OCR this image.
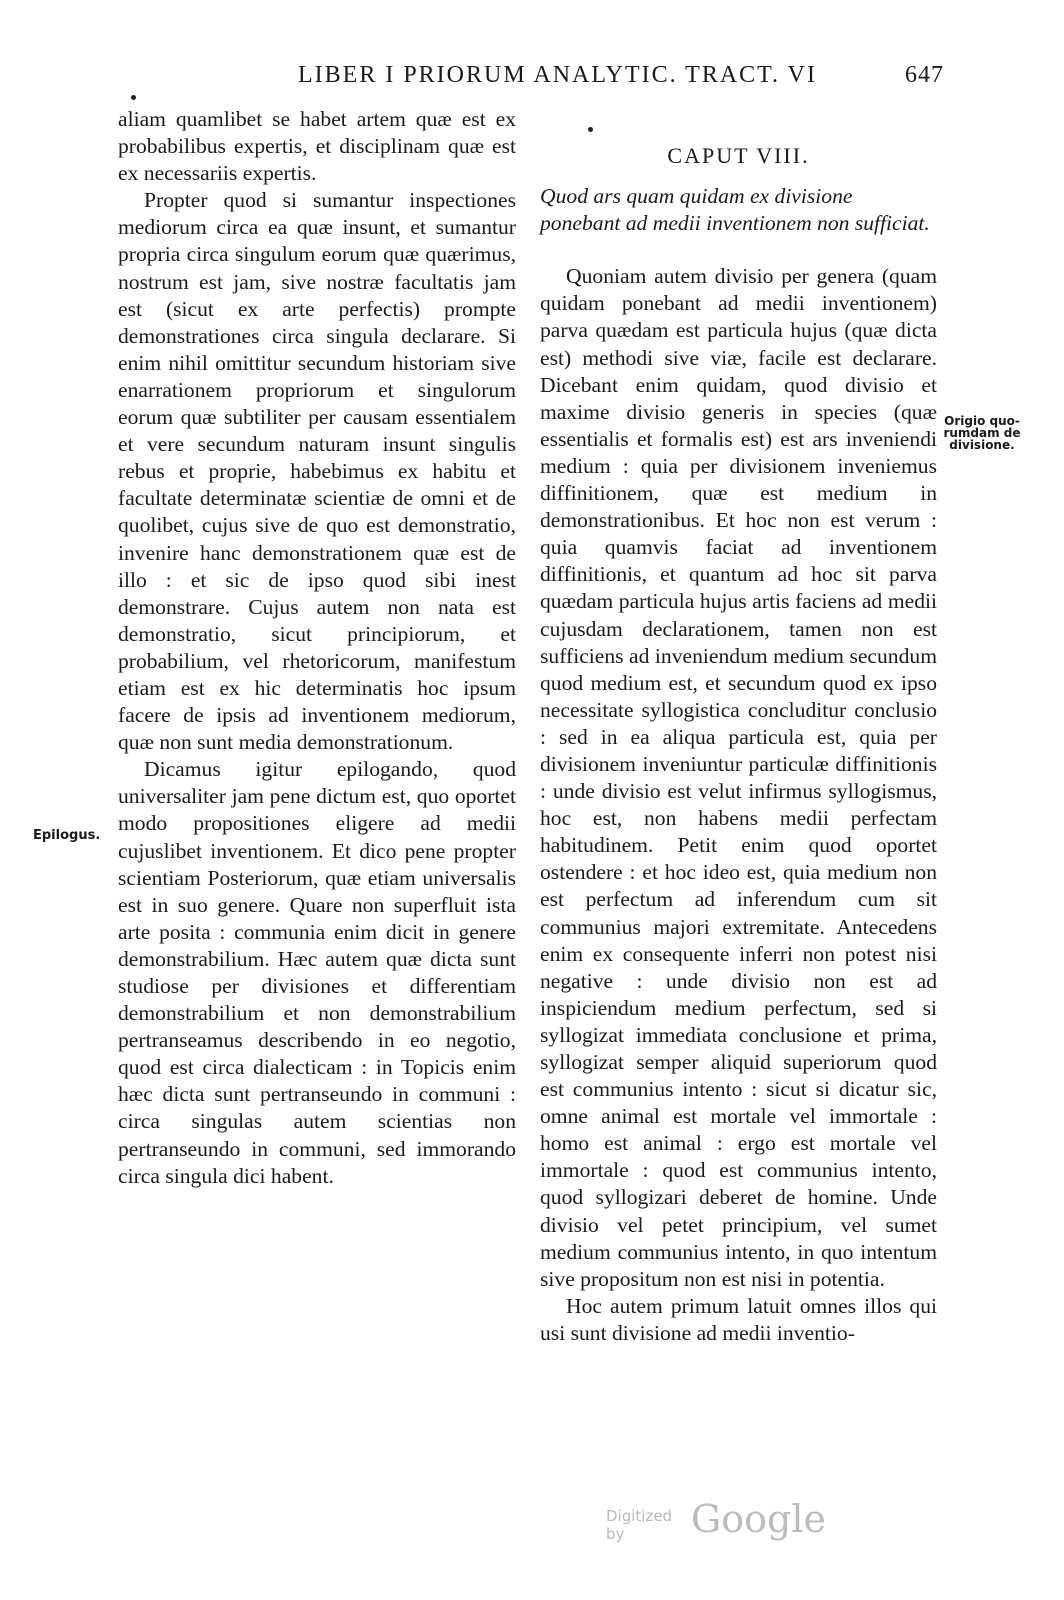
LIBER I PRIORUM ANALYTIC. TRACT. VI	647

aliam quamlibet se habet artem quæ est ex probabilibus expertis, et disciplinam quæ est ex necessariis expertis.

Propter quod si sumantur inspectiones mediorum circa ea quæ insunt, et sumantur propria circa singulum eorum quæ quærimus, nostrum est jam, sive nostræ facultatis jam est (sicut ex arte perfectis) prompte demonstrationes circa singula declarare. Si enim nihil omittitur secundum historiam sive enarrationem propriorum et singulorum eorum quæ subtiliter per causam essentialem et vere secundum naturam insunt singulis rebus et proprie, habebimus ex habitu et facultate determinatæ scientiæ de omni et de quolibet, cujus sive de quo est demonstratio, invenire hanc demonstrationem quæ est de illo : et sic de ipso quod sibi inest demonstrare. Cujus autem non nata est demonstratio, sicut principiorum, et probabilium, vel rhetoricorum, manifestum etiam est ex hic determinatis hoc ipsum facere de ipsis ad inventionem mediorum, quæ non sunt media demonstrationum.

Dicamus igitur epilogando, quod universaliter jam pene dictum est, quo oportet modo propositiones eligere ad medii cujuslibet inventionem. Et dico pene propter scientiam Posteriorum, quæ etiam universalis est in suo genere. Quare non superfluit ista arte posita : communia enim dicit in genere demonstrabilium. Hæc autem quæ dicta sunt studiose per divisiones et differentiam demonstrabilium et non demonstrabilium pertranseamus describendo in eo negotio, quod est circa dialecticam : in Topicis enim hæc dicta sunt pertranseundo in communi : circa singulas autem scientias non pertranseundo in communi, sed immorando circa singula dici habent.

Epilogus.
CAPUT VIII.

Quod ars quam quidam ex divisione ponebant ad medii inventionem non sufficiat.

Quoniam autem divisio per genera (quam quidam ponebant ad medii inventionem) parva quædam est particula hujus (quæ dicta est) methodi sive viæ, facile est declarare. Dicebant enim quidam, quod divisio et maxime divisio generis in species (quæ essentialis et formalis est) est ars inveniendi medium : quia per divisionem inveniemus diffinitionem, quæ est medium in demonstrationibus. Et hoc non est verum : quia quamvis faciat ad inventionem diffinitionis, et quantum ad hoc sit parva quædam particula hujus artis faciens ad medii cujusdam declarationem, tamen non est sufficiens ad inveniendum medium secundum quod medium est, et secundum quod ex ipso necessitate syllogistica concluditur conclusio : sed in ea aliqua particula est, quia per divisionem inveniuntur particulæ diffinitionis : unde divisio est velut infirmus syllogismus, hoc est, non habens medii perfectam habitudinem. Petit enim quod oportet ostendere : et hoc ideo est, quia medium non est perfectum ad inferendum cum sit communius majori extremitate. Antecedens enim ex consequente inferri non potest nisi negative : unde divisio non est ad inspiciendum medium perfectum, sed si syllogizat immediata conclusione et prima, syllogizat semper aliquid superiorum quod est communius intento : sicut si dicatur sic, omne animal est mortale vel immortale : homo est animal : ergo est mortale vel immortale : quod est communius intento, quod syllogizari deberet de homine. Unde divisio vel petet principium, vel sumet medium communius intento, in quo intentum sive propositum non est nisi in potentia.

Hoc autem primum latuit omnes illos qui usi sunt divisione ad medii inventio-

Origio quo-
rumdam de
divisione.
Digitized by	Google
